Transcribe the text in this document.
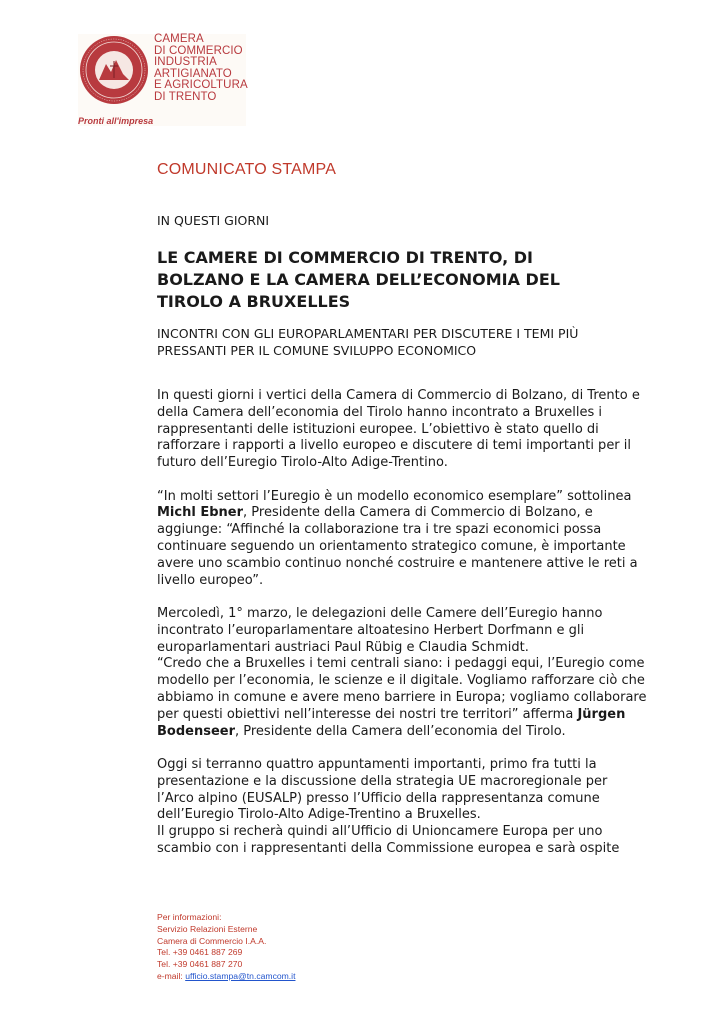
CAMERA
DI COMMERCIO
INDUSTRIA
ARTIGIANATO
E AGRICOLTURA
DI TRENTO
Pronti all'impresa
COMUNICATO STAMPA
IN QUESTI GIORNI
LE CAMERE DI COMMERCIO DI TRENTO, DI BOLZANO E LA CAMERA DELL’ECONOMIA DEL TIROLO A BRUXELLES
INCONTRI CON GLI EUROPARLAMENTARI PER DISCUTERE I TEMI PIÙ PRESSANTI PER IL COMUNE SVILUPPO ECONOMICO

In questi giorni i vertici della Camera di Commercio di Bolzano, di Trento e della Camera dell’economia del Tirolo hanno incontrato a Bruxelles i rappresentanti delle istituzioni europee. L’obiettivo è stato quello di rafforzare i rapporti a livello europeo e discutere di temi importanti per il futuro dell’Euregio Tirolo-Alto Adige-Trentino.

“In molti settori l’Euregio è un modello economico esemplare” sottolinea Michl Ebner, Presidente della Camera di Commercio di Bolzano, e aggiunge: “Affinché la collaborazione tra i tre spazi economici possa continuare seguendo un orientamento strategico comune, è importante avere uno scambio continuo nonché costruire e mantenere attive le reti a livello europeo”.

Mercoledì, 1° marzo, le delegazioni delle Camere dell’Euregio hanno incontrato l’europarlamentare altoatesino Herbert Dorfmann e gli europarlamentari austriaci Paul Rübig e Claudia Schmidt.

“Credo che a Bruxelles i temi centrali siano: i pedaggi equi, l’Euregio come modello per l’economia, le scienze e il digitale. Vogliamo rafforzare ciò che abbiamo in comune e avere meno barriere in Europa; vogliamo collaborare per questi obiettivi nell’interesse dei nostri tre territori” afferma Jürgen Bodenseer, Presidente della Camera dell’economia del Tirolo.

Oggi si terranno quattro appuntamenti importanti, primo fra tutti la presentazione e la discussione della strategia UE macroregionale per l’Arco alpino (EUSALP) presso l’Ufficio della rappresentanza comune dell’Euregio Tirolo-Alto Adige-Trentino a Bruxelles.

Il gruppo si recherà quindi all’Ufficio di Unioncamere Europa per uno scambio con i rappresentanti della Commissione europea e sarà ospite

Per informazioni:
Servizio Relazioni Esterne
Camera di Commercio I.A.A.
Tel. +39 0461 887 269
Tel. +39 0461 887 270
e-mail: ufficio.stampa@tn.camcom.it
